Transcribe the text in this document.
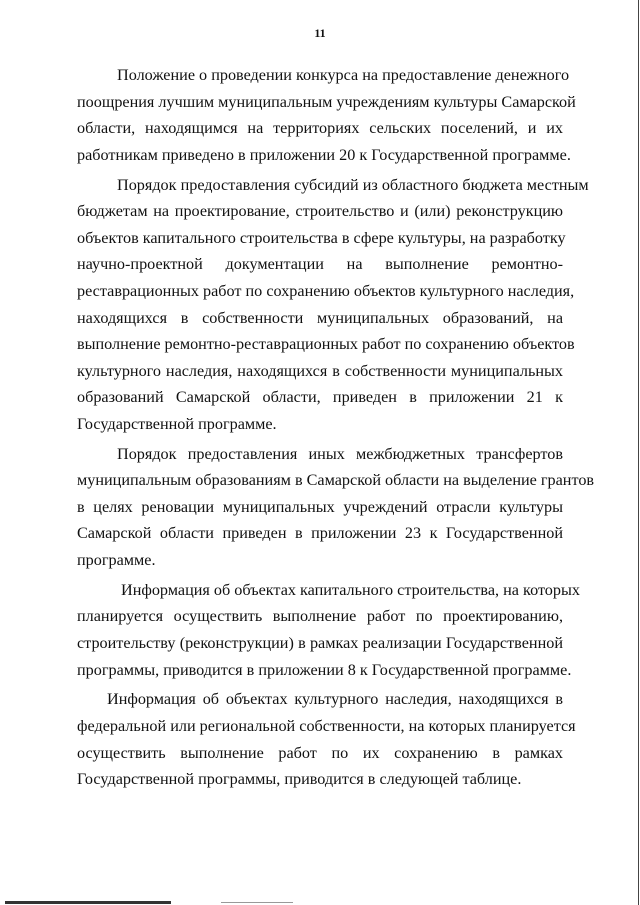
11
Положение о проведении конкурса на предоставление денежного
поощрения лучшим муниципальным учреждениям культуры Самарской
области, находящимся на территориях сельских поселений, и их
работникам приведено в приложении 20 к Государственной программе.
Порядок предоставления субсидий из областного бюджета местным
бюджетам на проектирование, строительство и (или) реконструкцию
объектов капитального строительства в сфере культуры, на разработку
научно-проектной документации на выполнение ремонтно-
реставрационных работ по сохранению объектов культурного наследия,
находящихся в собственности муниципальных образований, на
выполнение ремонтно-реставрационных работ по сохранению объектов
культурного наследия, находящихся в собственности муниципальных
образований Самарской области, приведен в приложении 21 к
Государственной программе.
Порядок предоставления иных межбюджетных трансфертов
муниципальным образованиям в Самарской области на выделение грантов
в целях реновации муниципальных учреждений отрасли культуры
Самарской области приведен в приложении 23 к Государственной
программе.
Информация об объектах капитального строительства, на которых
планируется осуществить выполнение работ по проектированию,
строительству (реконструкции) в рамках реализации Государственной
программы, приводится в приложении 8 к Государственной программе.
Информация об объектах культурного наследия, находящихся в
федеральной или региональной собственности, на которых планируется
осуществить выполнение работ по их сохранению в рамках
Государственной программы, приводится в следующей таблице.
